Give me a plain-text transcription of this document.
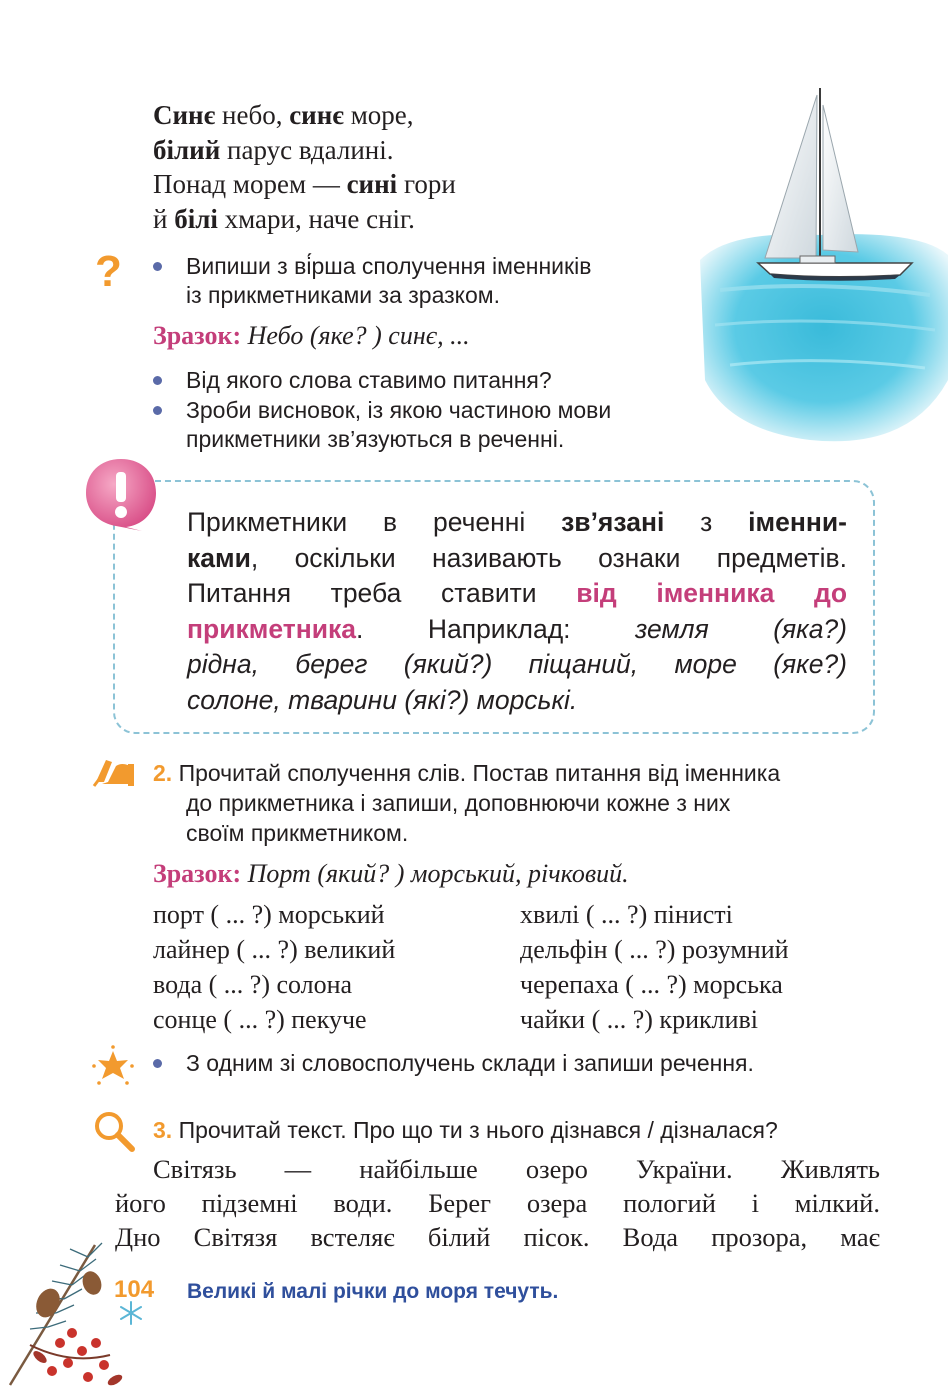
Синє небо, синє море,
білий парус вдалині.
Понад морем — сині гори
й білі хмари, наче сніг.
?	Випиши з ві́рша сполучення іменників
із прикметниками за зразком.
Зразок: Небо (яке? ) синє, ...
Від якого слова ставимо питання?
Зроби висновок, із якою частиною мови
прикметники зв’язуються в реченні.
Прикметники в реченні зв’язані з іменни-
ками, оскільки називають ознаки предметів.
Питання треба ставити від іменника до
прикметника. Наприклад: земля (яка?)
рідна, берег (який?) піщаний, море (яке?)
солоне, тварини (які?) морські.
2. Прочитай сполучення слів. Постав питання від іменника
до прикметника і запиши, доповнюючи кожне з них
своїм прикметником.
Зразок: Порт (який? ) морський, річковий.
порт ( ... ?) морський
лайнер ( ... ?) великий
вода ( ... ?) солона
сонце ( ... ?) пекуче
хвилі ( ... ?) пінисті
дельфін ( ... ?) розумний
черепаха ( ... ?) морська
чайки ( ... ?) крикливі
З одним зі словосполучень склади і запиши речення.
3. Прочитай текст. Про що ти з нього дізнався / дізналася?
Світязь — найбільше озеро України. Живлять
його підземні води. Берег озера пологий і мілкий.
Дно Світязя встеляє білий пісок. Вода прозора, має
104 Великі й малі річки до моря течуть.
